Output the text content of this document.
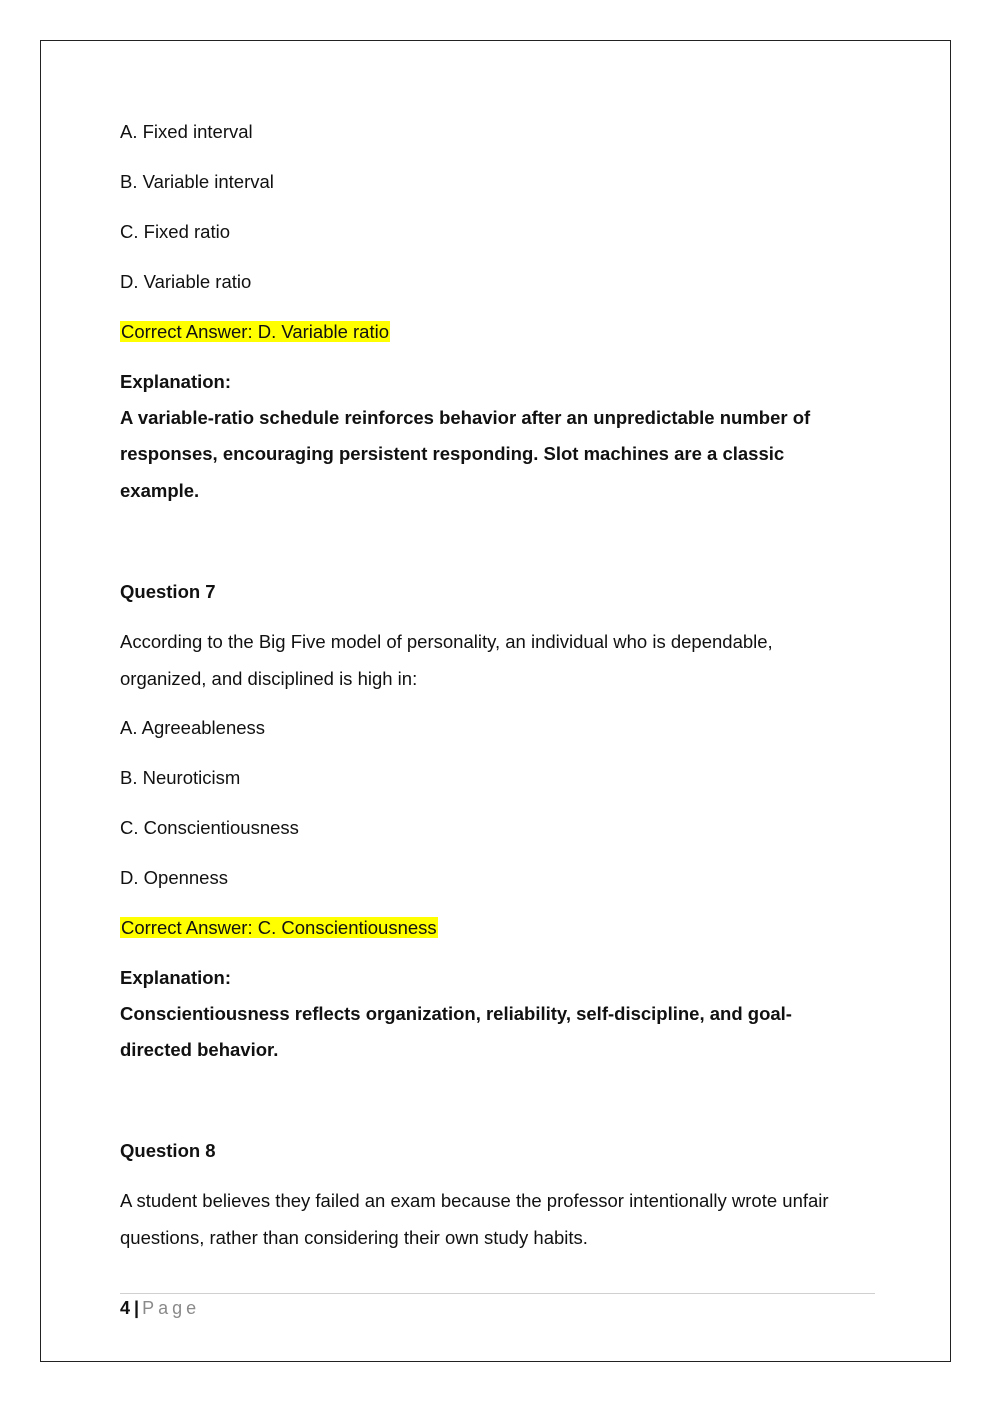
A. Fixed interval
B. Variable interval
C. Fixed ratio
D. Variable ratio
Correct Answer: D. Variable ratio
Explanation:
A variable-ratio schedule reinforces behavior after an unpredictable number of
responses, encouraging persistent responding. Slot machines are a classic
example.
Question 7
According to the Big Five model of personality, an individual who is dependable,
organized, and disciplined is high in:
A. Agreeableness
B. Neuroticism
C. Conscientiousness
D. Openness
Correct Answer: C. Conscientiousness
Explanation:
Conscientiousness reflects organization, reliability, self-discipline, and goal-
directed behavior.
Question 8
A student believes they failed an exam because the professor intentionally wrote unfair
questions, rather than considering their own study habits.
4 | Page
